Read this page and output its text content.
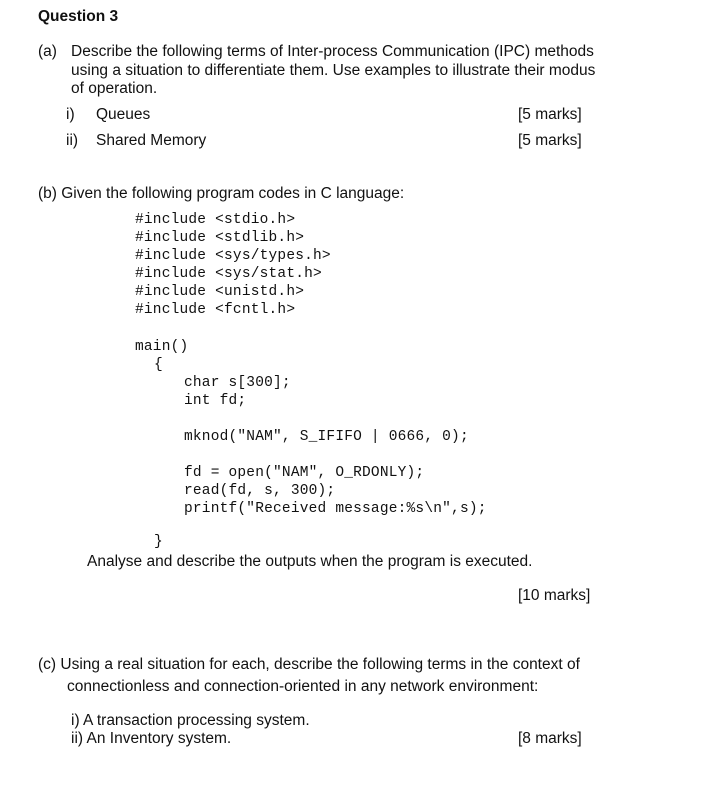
Question 3
(a) Describe the following terms of Inter-process Communication (IPC) methods
using a situation to differentiate them. Use examples to illustrate their modus
of operation.
i) Queues	[5 marks]
ii) Shared Memory	[5 marks]
(b) Given the following program codes in C language:
#include <stdio.h>
#include <stdlib.h>
#include <sys/types.h>
#include <sys/stat.h>
#include <unistd.h>
#include <fcntl.h>
main()
{
char s[300];
int fd;
mknod("NAM", S_IFIFO | 0666, 0);
fd = open("NAM", O_RDONLY);
read(fd, s, 300);
printf("Received message:%s\n",s);
}
Analyse and describe the outputs when the program is executed.
[10 marks]
(c) Using a real situation for each, describe the following terms in the context of
connectionless and connection-oriented in any network environment:
i) A transaction processing system.
ii) An Inventory system.	[8 marks]
